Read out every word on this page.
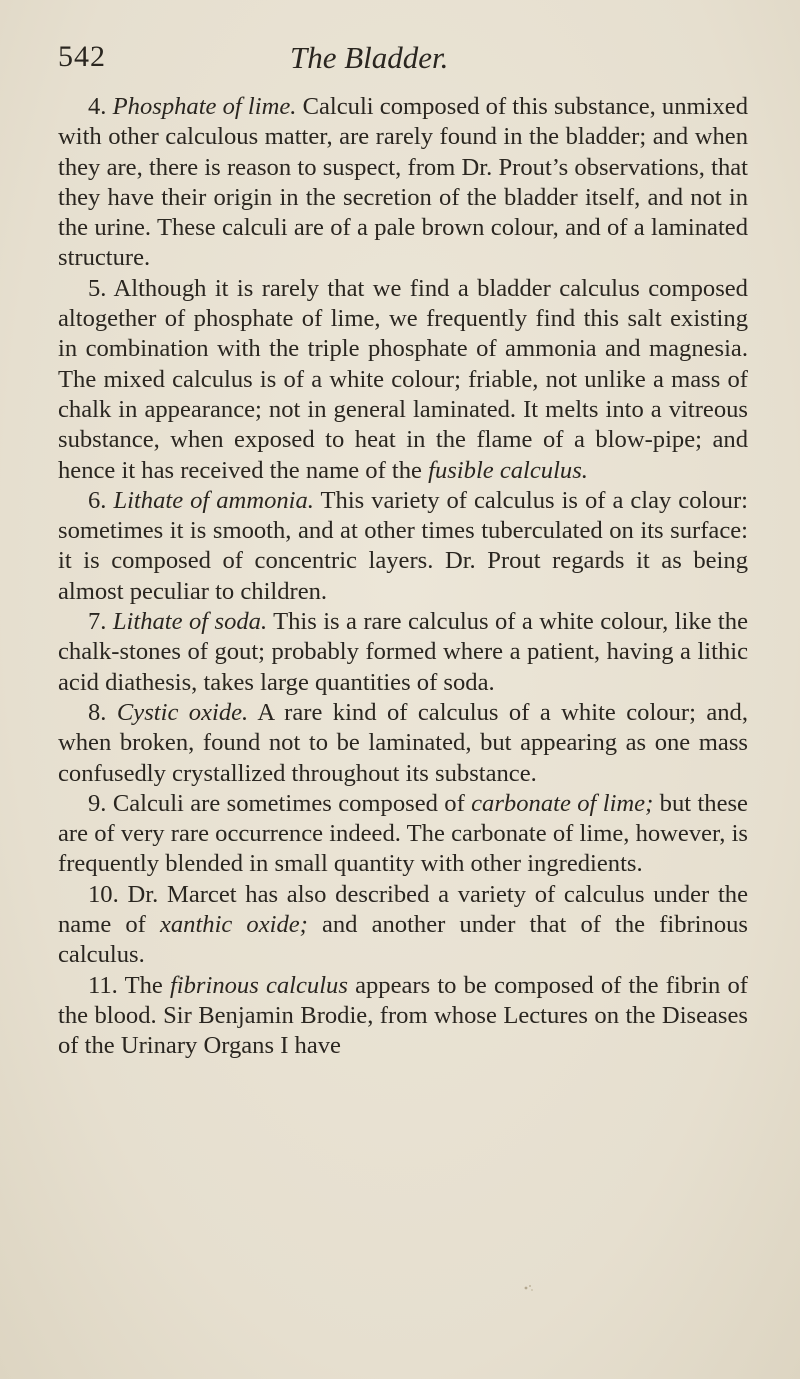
542	The Bladder.

4. Phosphate of lime. Calculi composed of this substance, unmixed with other calculous matter, are rarely found in the bladder; and when they are, there is reason to suspect, from Dr. Prout’s observations, that they have their origin in the secretion of the bladder itself, and not in the urine. These calculi are of a pale brown colour, and of a laminated structure.

5. Although it is rarely that we find a bladder calculus composed altogether of phosphate of lime, we frequently find this salt existing in combination with the triple phosphate of ammonia and magnesia. The mixed calculus is of a white colour; friable, not unlike a mass of chalk in appearance; not in general laminated. It melts into a vitreous substance, when exposed to heat in the flame of a blow-pipe; and hence it has received the name of the fusible calculus.

6. Lithate of ammonia. This variety of calculus is of a clay colour: sometimes it is smooth, and at other times tuberculated on its surface: it is composed of concentric layers. Dr. Prout regards it as being almost peculiar to children.

7. Lithate of soda. This is a rare calculus of a white colour, like the chalk-stones of gout; probably formed where a patient, having a lithic acid diathesis, takes large quantities of soda.

8. Cystic oxide. A rare kind of calculus of a white colour; and, when broken, found not to be laminated, but appearing as one mass confusedly crystallized throughout its substance.

9. Calculi are sometimes composed of carbonate of lime; but these are of very rare occurrence indeed. The carbonate of lime, however, is frequently blended in small quantity with other ingredients.

10. Dr. Marcet has also described a variety of calculus under the name of xanthic oxide; and another under that of the fibrinous calculus.

11. The fibrinous calculus appears to be composed of the fibrin of the blood. Sir Benjamin Brodie, from whose Lectures on the Diseases of the Urinary Organs I have
